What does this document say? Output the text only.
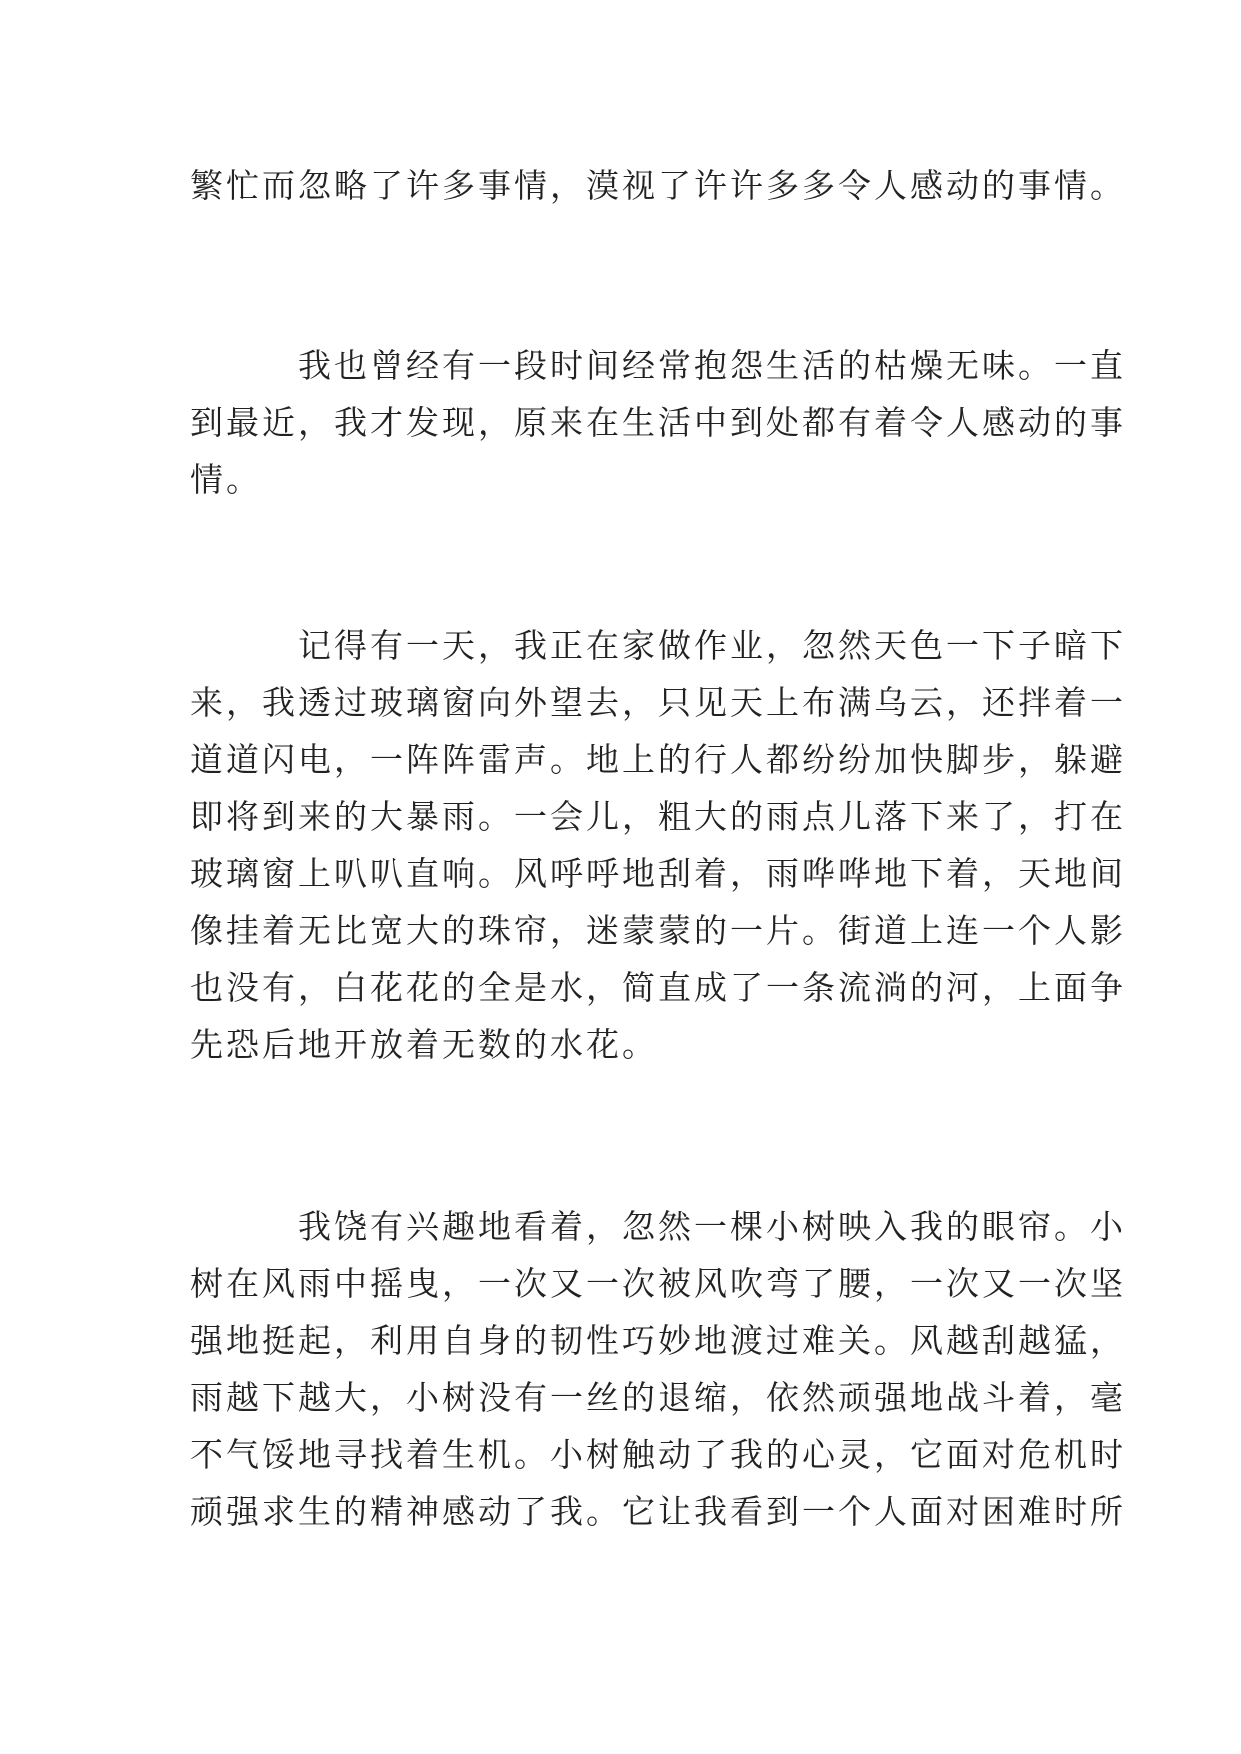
繁忙而忽略了许多事情，漠视了许许多多令人感动的事情。

我也曾经有一段时间经常抱怨生活的枯燥无味。一直
到最近，我才发现，原来在生活中到处都有着令人感动的事
情。

记得有一天，我正在家做作业，忽然天色一下子暗下
来，我透过玻璃窗向外望去，只见天上布满乌云，还拌着一
道道闪电，一阵阵雷声。地上的行人都纷纷加快脚步，躲避
即将到来的大暴雨。一会儿，粗大的雨点儿落下来了，打在
玻璃窗上叭叭直响。风呼呼地刮着，雨哗哗地下着，天地间
像挂着无比宽大的珠帘，迷蒙蒙的一片。街道上连一个人影
也没有，白花花的全是水，简直成了一条流淌的河，上面争
先恐后地开放着无数的水花。

我饶有兴趣地看着，忽然一棵小树映入我的眼帘。小
树在风雨中摇曳，一次又一次被风吹弯了腰，一次又一次坚
强地挺起，利用自身的韧性巧妙地渡过难关。风越刮越猛，
雨越下越大，小树没有一丝的退缩，依然顽强地战斗着，毫
不气馁地寻找着生机。小树触动了我的心灵，它面对危机时
顽强求生的精神感动了我。它让我看到一个人面对困难时所
